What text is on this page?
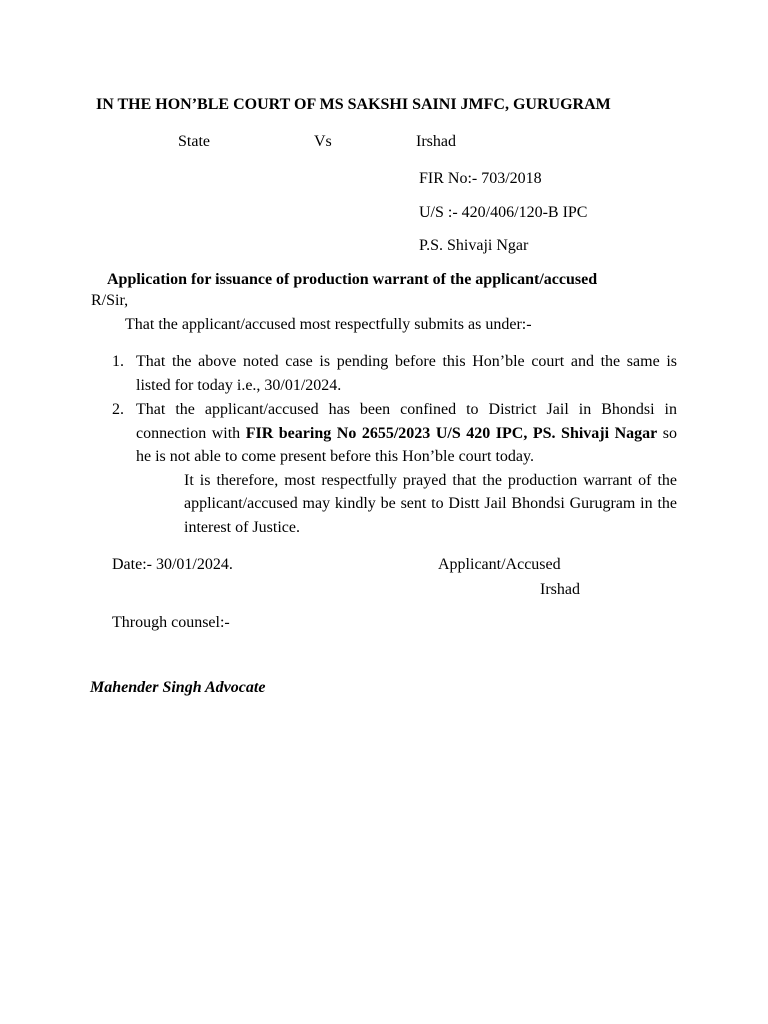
IN THE HON’BLE COURT OF MS SAKSHI SAINI JMFC, GURUGRAM
State	Vs	Irshad
FIR No:- 703/2018
U/S :- 420/406/120-B IPC
P.S. Shivaji Ngar
Application for issuance of production warrant of the applicant/accused
R/Sir,
That the applicant/accused most respectfully submits as under:-
1. That the above noted case is pending before this Hon’ble court and the same is listed for today i.e., 30/01/2024.

2. That the applicant/accused has been confined to District Jail in Bhondsi in connection with FIR bearing No 2655/2023 U/S 420 IPC, PS. Shivaji Nagar so he is not able to come present before this Hon’ble court today.

It is therefore, most respectfully prayed that the production warrant of the applicant/accused may kindly be sent to Distt Jail Bhondsi Gurugram in the interest of Justice.

Date:- 30/01/2024.	Applicant/Accused
Irshad
Through counsel:-
Mahender Singh Advocate
